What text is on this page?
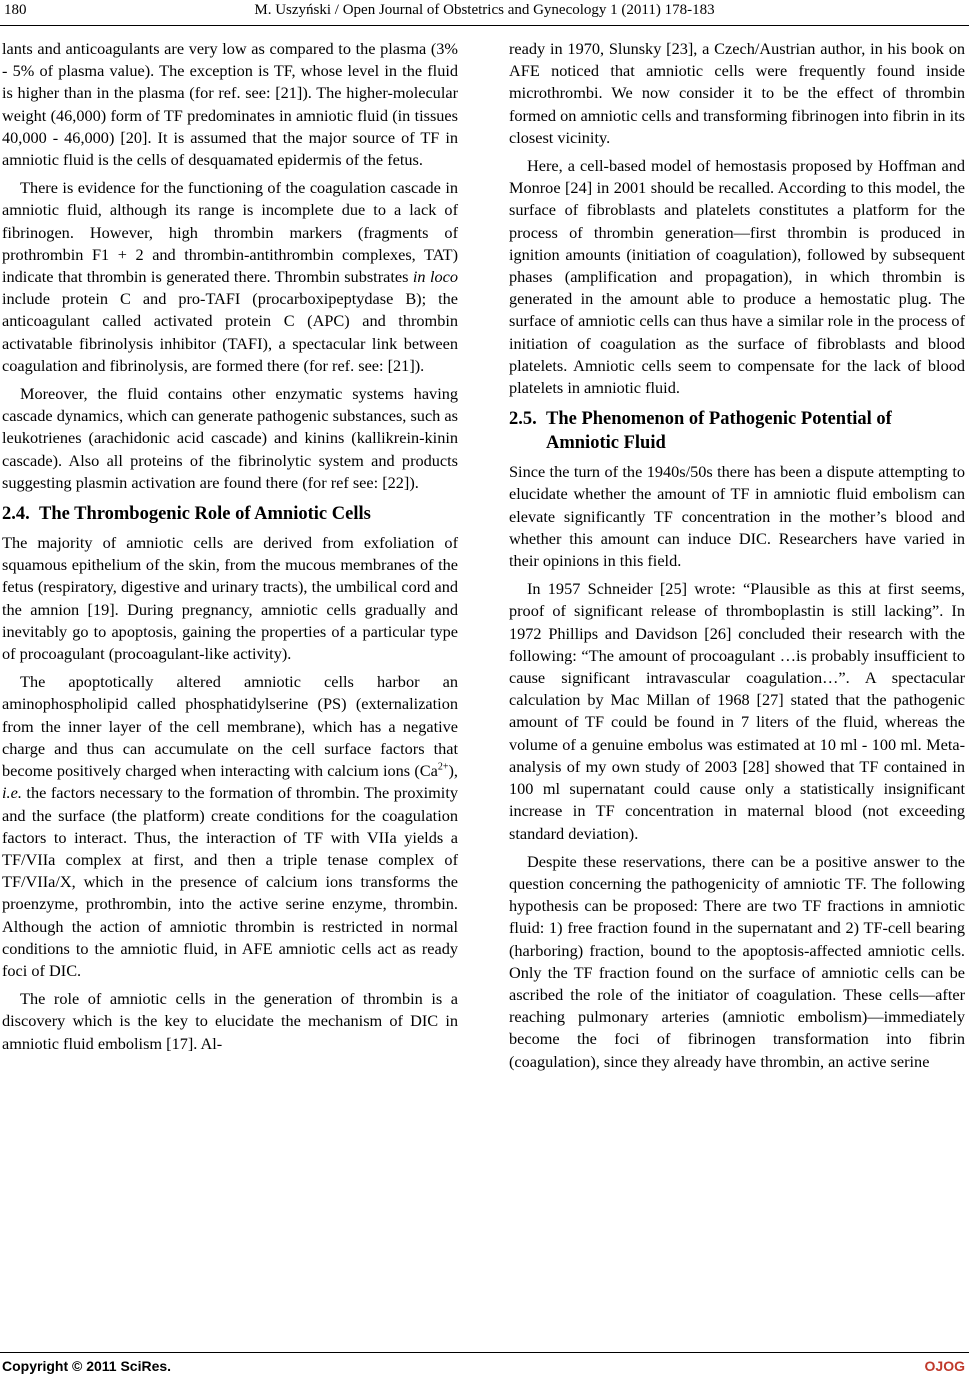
180	M. Uszyński / Open Journal of Obstetrics and Gynecology 1 (2011) 178-183

lants and anticoagulants are very low as compared to the plasma (3% - 5% of plasma value). The exception is TF, whose level in the fluid is higher than in the plasma (for ref. see: [21]). The higher-molecular weight (46,000) form of TF predominates in amniotic fluid (in tissues 40,000 - 46,000) [20]. It is assumed that the major source of TF in amniotic fluid is the cells of desquamated epidermis of the fetus.

There is evidence for the functioning of the coagulation cascade in amniotic fluid, although its range is incomplete due to a lack of fibrinogen. However, high thrombin markers (fragments of prothrombin F1 + 2 and thrombin-antithrombin complexes, TAT) indicate that thrombin is generated there. Thrombin substrates in loco include protein C and pro-TAFI (procarboxipeptydase B); the anticoagulant called activated protein C (APC) and thrombin activatable fibrinolysis inhibitor (TAFI), a spectacular link between coagulation and fibrinolysis, are formed there (for ref. see: [21]).

Moreover, the fluid contains other enzymatic systems having cascade dynamics, which can generate pathogenic substances, such as leukotrienes (arachidonic acid cascade) and kinins (kallikrein-kinin cascade). Also all proteins of the fibrinolytic system and products suggesting plasmin activation are found there (for ref see: [22]).

2.4. The Thrombogenic Role of Amniotic Cells

The majority of amniotic cells are derived from exfoliation of squamous epithelium of the skin, from the mucous membranes of the fetus (respiratory, digestive and urinary tracts), the umbilical cord and the amnion [19]. During pregnancy, amniotic cells gradually and inevitably go to apoptosis, gaining the properties of a particular type of procoagulant (procoagulant-like activity).

The apoptotically altered amniotic cells harbor an aminophospholipid called phosphatidylserine (PS) (externalization from the inner layer of the cell membrane), which has a negative charge and thus can accumulate on the cell surface factors that become positively charged when interacting with calcium ions $(Ca^{2+})$, i.e. the factors necessary to the formation of thrombin. The proximity and the surface (the platform) create conditions for the coagulation factors to interact. Thus, the interaction of TF with VIIa yields a TF/VIIa complex at first, and then a triple tenase complex of TF/VIIa/X, which in the presence of calcium ions transforms the proenzyme, prothrombin, into the active serine enzyme, thrombin. Although the action of amniotic thrombin is restricted in normal conditions to the amniotic fluid, in AFE amniotic cells act as ready foci of DIC.

The role of amniotic cells in the generation of thrombin is a discovery which is the key to elucidate the mechanism of DIC in amniotic fluid embolism [17]. Al-

ready in 1970, Slunsky [23], a Czech/Austrian author, in his book on AFE noticed that amniotic cells were frequently found inside microthrombi. We now consider it to be the effect of thrombin formed on amniotic cells and transforming fibrinogen into fibrin in its closest vicinity.

Here, a cell-based model of hemostasis proposed by Hoffman and Monroe [24] in 2001 should be recalled. According to this model, the surface of fibroblasts and platelets constitutes a platform for the process of thrombin generation—first thrombin is produced in ignition amounts (initiation of coagulation), followed by subsequent phases (amplification and propagation), in which thrombin is generated in the amount able to produce a hemostatic plug. The surface of amniotic cells can thus have a similar role in the process of initiation of coagulation as the surface of fibroblasts and blood platelets. Amniotic cells seem to compensate for the lack of blood platelets in amniotic fluid.

2.5. The Phenomenon of Pathogenic Potential of Amniotic Fluid

Since the turn of the 1940s/50s there has been a dispute attempting to elucidate whether the amount of TF in amniotic fluid embolism can elevate significantly TF concentration in the mother’s blood and whether this amount can induce DIC. Researchers have varied in their opinions in this field.

In 1957 Schneider [25] wrote: “Plausible as this at first seems, proof of significant release of thromboplastin is still lacking”. In 1972 Phillips and Davidson [26] concluded their research with the following: “The amount of procoagulant …is probably insufficient to cause significant intravascular coagulation…”. A spectacular calculation by Mac Millan of 1968 [27] stated that the pathogenic amount of TF could be found in 7 liters of the fluid, whereas the volume of a genuine embolus was estimated at 10 ml - 100 ml. Meta-analysis of my own study of 2003 [28] showed that TF contained in 100 ml supernatant could cause only a statistically insignificant increase in TF concentration in maternal blood (not exceeding standard deviation).

Despite these reservations, there can be a positive answer to the question concerning the pathogenicity of amniotic TF. The following hypothesis can be proposed: There are two TF fractions in amniotic fluid: 1) free fraction found in the supernatant and 2) TF-cell bearing (harboring) fraction, bound to the apoptosis-affected amniotic cells. Only the TF fraction found on the surface of amniotic cells can be ascribed the role of the initiator of coagulation. These cells—after reaching pulmonary arteries (amniotic embolism)—immediately become the foci of fibrinogen transformation into fibrin (coagulation), since they already have thrombin, an active serine

Copyright © 2011 SciRes.	OJOG
